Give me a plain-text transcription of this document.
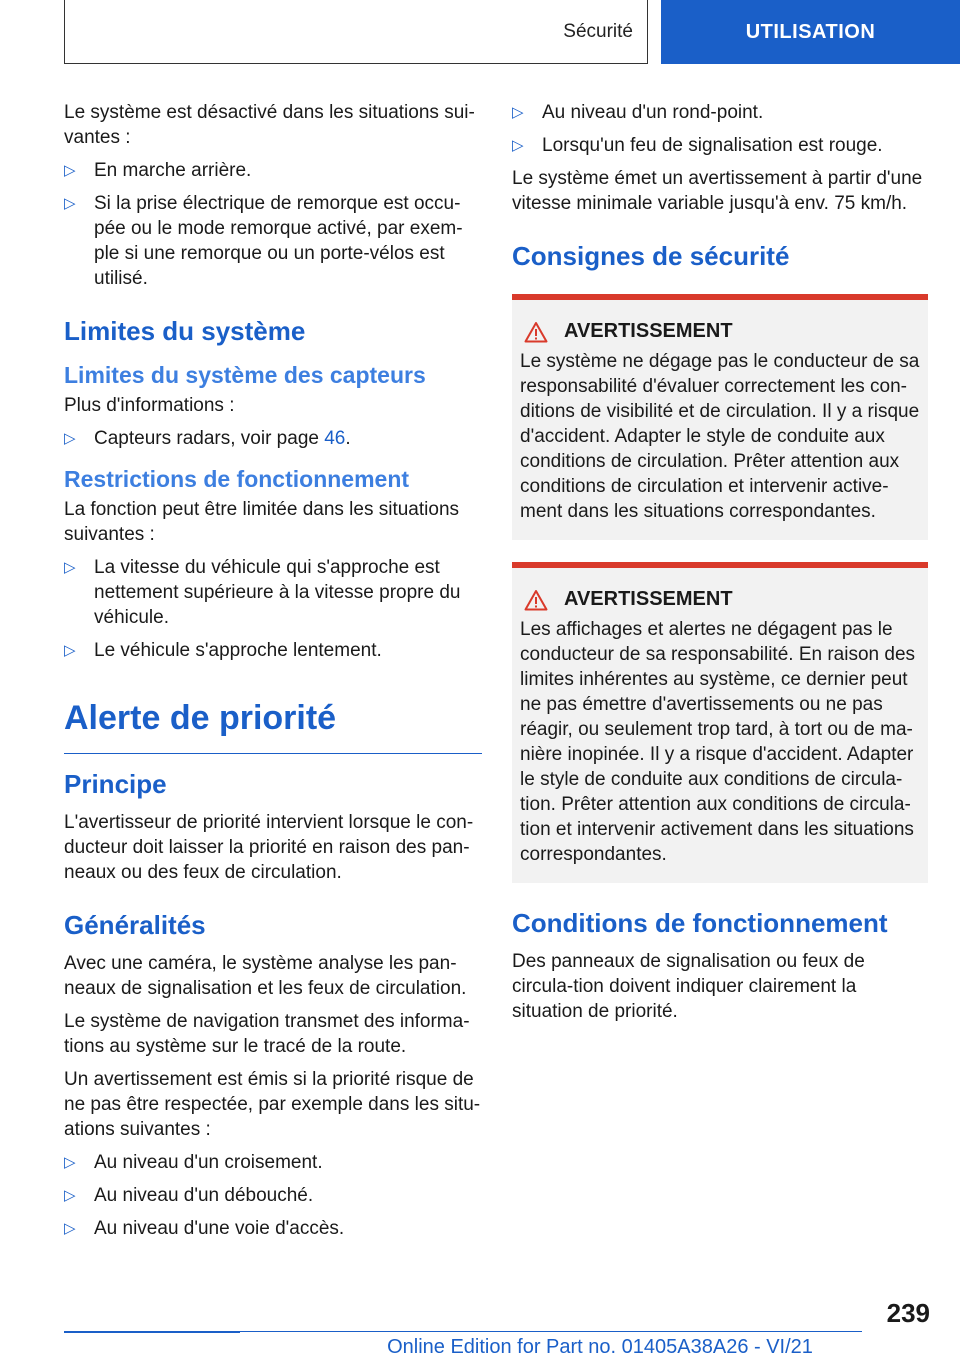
Sécurité	UTILISATION

Le système est désactivé dans les situations sui-vantes :

▷ En marche arrière.
▷ Si la prise électrique de remorque est occu-pée ou le mode remorque activé, par exem-ple si une remorque ou un porte-vélos est utilisé.
Limites du système
Limites du système des capteurs

Plus d'informations :

▷ Capteurs radars, voir page 46.
Restrictions de fonctionnement

La fonction peut être limitée dans les situations suivantes :

▷ La vitesse du véhicule qui s'approche est nettement supérieure à la vitesse propre du véhicule.
▷ Le véhicule s'approche lentement.
Alerte de priorité
Principe

L'avertisseur de priorité intervient lorsque le con-ducteur doit laisser la priorité en raison des pan-neaux ou des feux de circulation.

Généralités

Avec une caméra, le système analyse les pan-neaux de signalisation et les feux de circulation.

Le système de navigation transmet des informa-tions au système sur le tracé de la route.

Un avertissement est émis si la priorité risque de ne pas être respectée, par exemple dans les situ-ations suivantes :

▷ Au niveau d'un croisement.
▷ Au niveau d'un débouché.
▷ Au niveau d'une voie d'accès.
▷ Au niveau d'un rond-point.
▷ Lorsqu'un feu de signalisation est rouge.

Le système émet un avertissement à partir d'une vitesse minimale variable jusqu'à env. 75 km/h.

Consignes de sécurité
AVERTISSEMENT

Le système ne dégage pas le conducteur de sa responsabilité d'évaluer correctement les con-ditions de visibilité et de circulation. Il y a risque d'accident. Adapter le style de conduite aux conditions de circulation. Prêter attention aux conditions de circulation et intervenir active-ment dans les situations correspondantes.

AVERTISSEMENT

Les affichages et alertes ne dégagent pas le conducteur de sa responsabilité. En raison des limites inhérentes au système, ce dernier peut ne pas émettre d'avertissements ou ne pas réagir, ou seulement trop tard, à tort ou de ma-nière inopinée. Il y a risque d'accident. Adapter le style de conduite aux conditions de circula-tion. Prêter attention aux conditions de circula-tion et intervenir activement dans les situations correspondantes.

Conditions de fonctionnement

Des panneaux de signalisation ou feux de circula-tion doivent indiquer clairement la situation de priorité.

239
Online Edition for Part no. 01405A38A26 - VI/21
